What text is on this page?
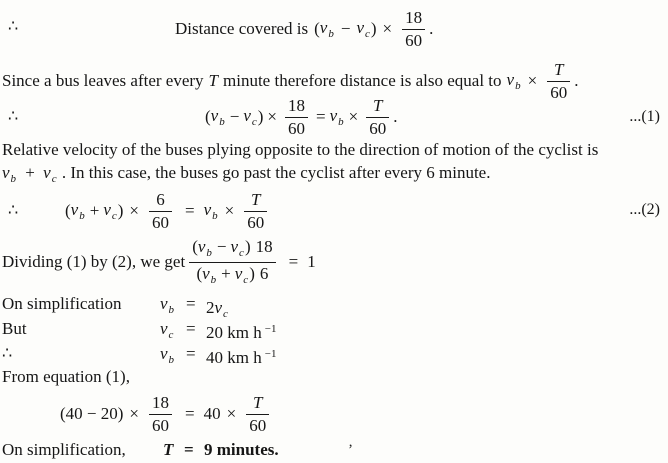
∴	Distance covered is ( $v_b - v_c$ ) × $\frac{18}{60}$ .
Since a bus leaves after every T minute therefore distance is also equal to $v_b \times \frac{T}{60}$ .
∴	( $v_b - v_c$ ) × $\frac{18}{60} = v_b \times \frac{T}{60}$ .	...(1)
Relative velocity of the buses plying opposite to the direction of motion of the cyclist is
$v_b + v_c$ . In this case, the buses go past the cyclist after every 6 minute.
∴	( $v_b + v_c$ ) × $\frac{6}{60} = v_b \times \frac{T}{60}$	...(2)
Dividing (1) by (2), we get $\frac{(v_b - v_c) 18}{(v_b + v_c) 6} = 1$
On simplification $v_b = 2v_c$
But	$v_c = 20$ km h $^{-1}$
∴	$v_b = 40$ km h $^{-1}$
From equation (1),
$(40 - 20) \times \frac{18}{60} = 40 \times \frac{T}{60}$
On simplification, T = 9 minutes.	’
